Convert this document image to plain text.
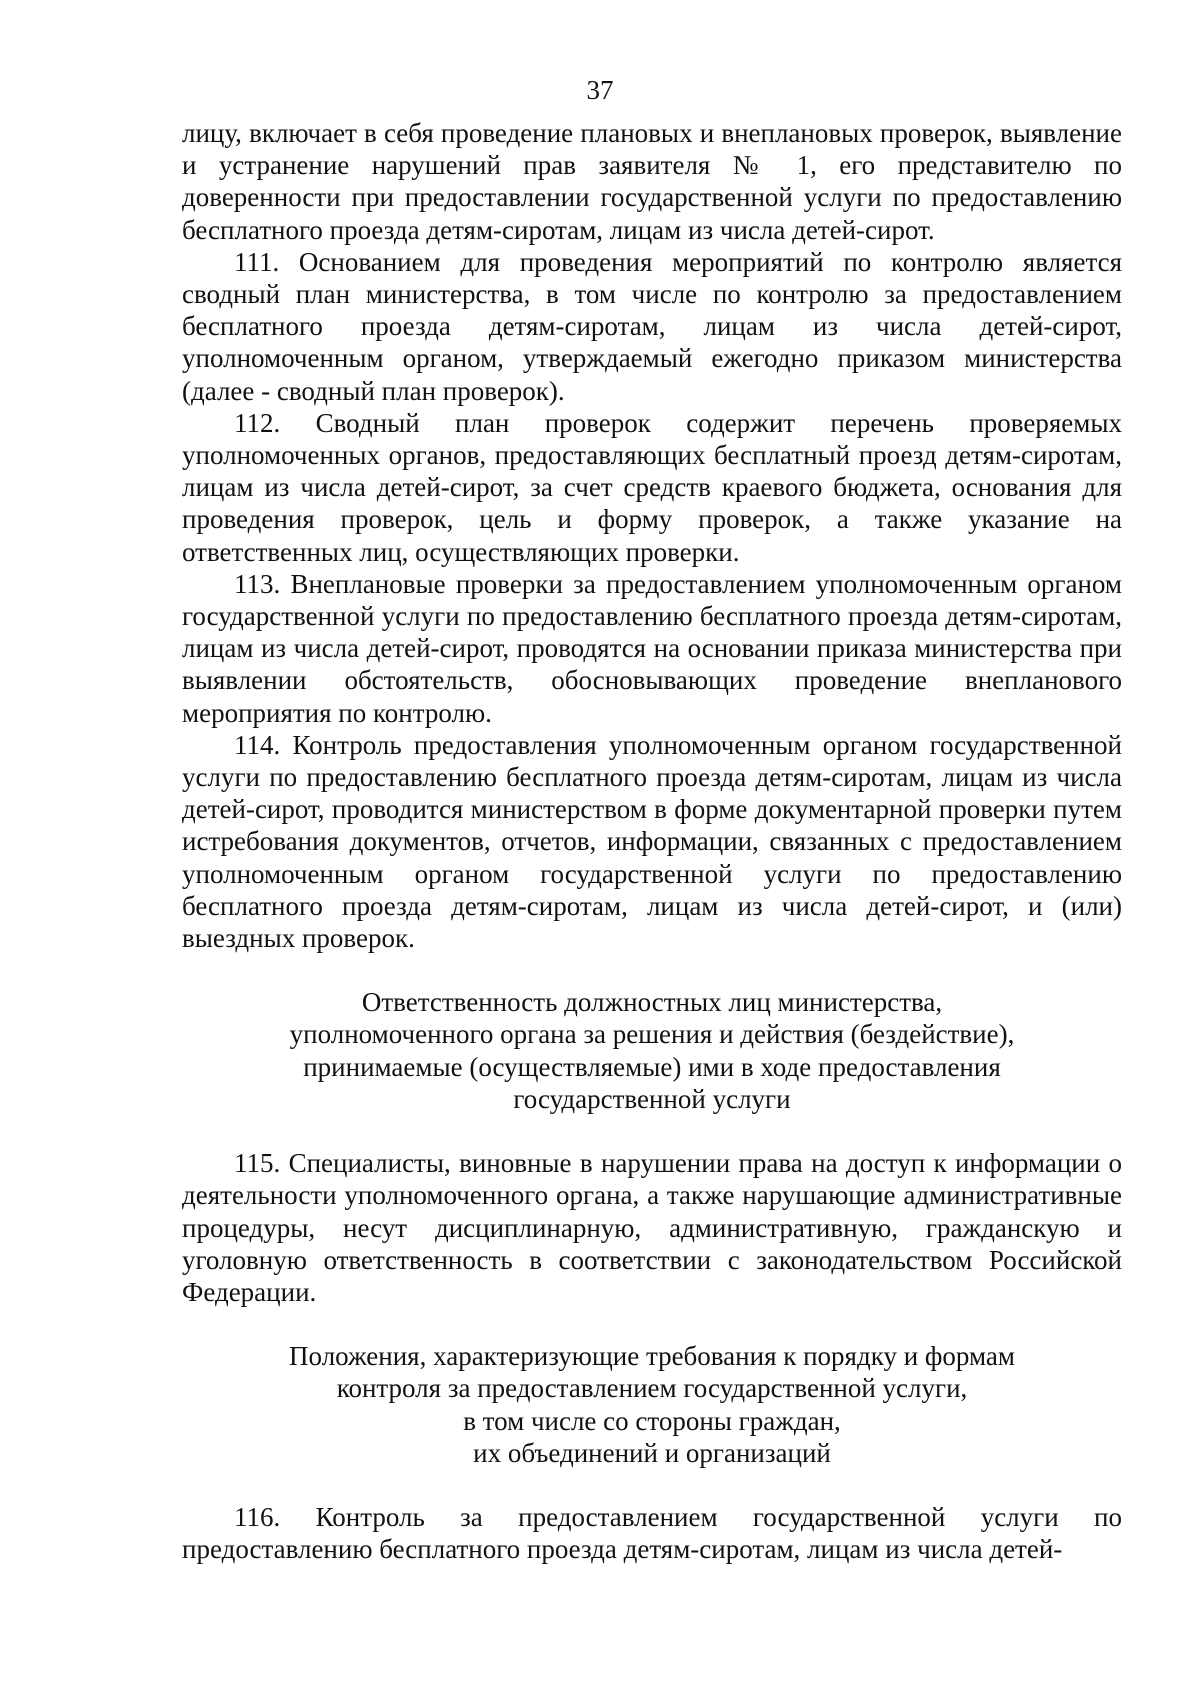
37

лицу, включает в себя проведение плановых и внеплановых проверок, выявление и устранение нарушений прав заявителя № 1, его представителю по доверенности при предоставлении государственной услуги по предоставлению бесплатного проезда детям-сиротам, лицам из числа детей-сирот.

111. Основанием для проведения мероприятий по контролю является сводный план министерства, в том числе по контролю за предоставлением бесплатного проезда детям-сиротам, лицам из числа детей-сирот, уполномоченным органом, утверждаемый ежегодно приказом министерства (далее - сводный план проверок).

112. Сводный план проверок содержит перечень проверяемых уполномоченных органов, предоставляющих бесплатный проезд детям-сиротам, лицам из числа детей-сирот, за счет средств краевого бюджета, основания для проведения проверок, цель и форму проверок, а также указание на ответственных лиц, осуществляющих проверки.

113. Внеплановые проверки за предоставлением уполномоченным органом государственной услуги по предоставлению бесплатного проезда детям-сиротам, лицам из числа детей-сирот, проводятся на основании приказа министерства при выявлении обстоятельств, обосновывающих проведение внепланового мероприятия по контролю.

114. Контроль предоставления уполномоченным органом государственной услуги по предоставлению бесплатного проезда детям-сиротам, лицам из числа детей-сирот, проводится министерством в форме документарной проверки путем истребования документов, отчетов, информации, связанных с предоставлением уполномоченным органом государственной услуги по предоставлению бесплатного проезда детям-сиротам, лицам из числа детей-сирот, и (или) выездных проверок.

Ответственность должностных лиц министерства,
уполномоченного органа за решения и действия (бездействие),
принимаемые (осуществляемые) ими в ходе предоставления
государственной услуги

115. Специалисты, виновные в нарушении права на доступ к информации о деятельности уполномоченного органа, а также нарушающие административные процедуры, несут дисциплинарную, административную, гражданскую и уголовную ответственность в соответствии с законодательством Российской Федерации.

Положения, характеризующие требования к порядку и формам
контроля за предоставлением государственной услуги,
в том числе со стороны граждан,
их объединений и организаций

116. Контроль за предоставлением государственной услуги по предоставлению бесплатного проезда детям-сиротам, лицам из числа детей-
